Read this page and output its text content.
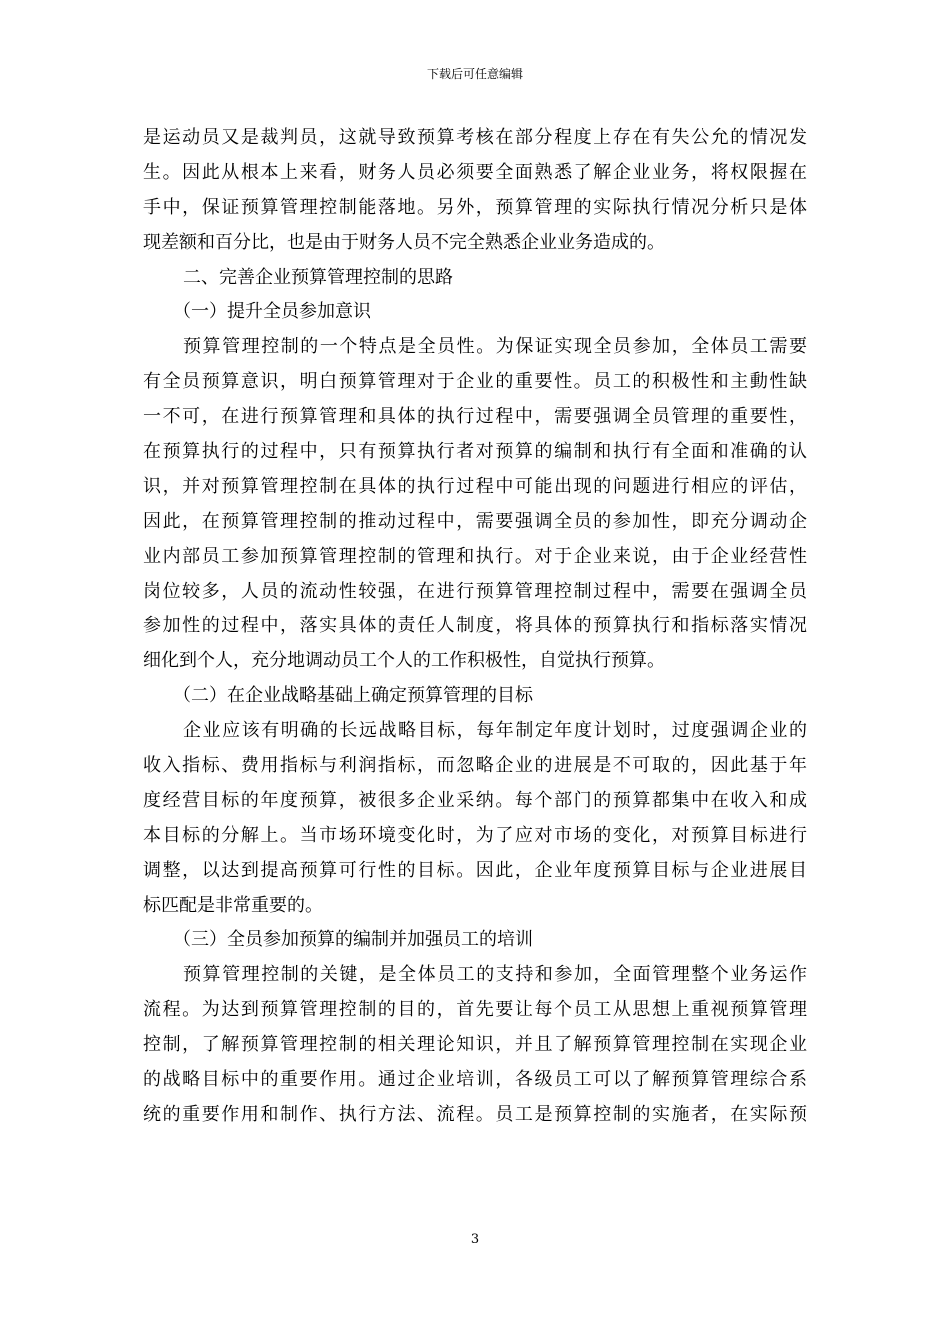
下载后可任意编辑
是运动员又是裁判员，这就导致预算考核在部分程度上存在有失公允的情况发
生。因此从根本上来看，财务人员必须要全面熟悉了解企业业务，将权限握在
手中，保证预算管理控制能落地。另外，预算管理的实际执行情况分析只是体
现差额和百分比，也是由于财务人员不完全熟悉企业业务造成的。
二、完善企业预算管理控制的思路
（一）提升全员参加意识
预算管理控制的一个特点是全员性。为保证实现全员参加，全体员工需要
有全员预算意识，明白预算管理对于企业的重要性。员工的积极性和主動性缺
一不可，在进行预算管理和具体的执行过程中，需要强调全员管理的重要性，
在预算执行的过程中，只有预算执行者对预算的编制和执行有全面和准确的认
识，并对预算管理控制在具体的执行过程中可能出现的问题进行相应的评估，
因此，在预算管理控制的推动过程中，需要强调全员的参加性，即充分调动企
业内部员工参加预算管理控制的管理和执行。对于企业来说，由于企业经营性
岗位较多，人员的流动性较强，在进行预算管理控制过程中，需要在强调全员
参加性的过程中，落实具体的责任人制度，将具体的预算执行和指标落实情况
细化到个人，充分地调动员工个人的工作积极性，自觉执行预算。
（二）在企业战略基础上确定预算管理的目标
企业应该有明确的长远战略目标，每年制定年度计划时，过度强调企业的
收入指标、费用指标与利润指标，而忽略企业的进展是不可取的，因此基于年
度经营目标的年度预算，被很多企业采纳。每个部门的预算都集中在收入和成
本目标的分解上。当市场环境变化时，为了应对市场的变化，对预算目标进行
调整，以达到提高预算可行性的目标。因此，企业年度预算目标与企业进展目
标匹配是非常重要的。
（三）全员参加预算的编制并加强员工的培训
预算管理控制的关键，是全体员工的支持和参加，全面管理整个业务运作
流程。为达到预算管理控制的目的，首先要让每个员工从思想上重视预算管理
控制，了解预算管理控制的相关理论知识，并且了解预算管理控制在实现企业
的战略目标中的重要作用。通过企业培训，各级员工可以了解预算管理综合系
统的重要作用和制作、执行方法、流程。员工是预算控制的实施者，在实际预
3
